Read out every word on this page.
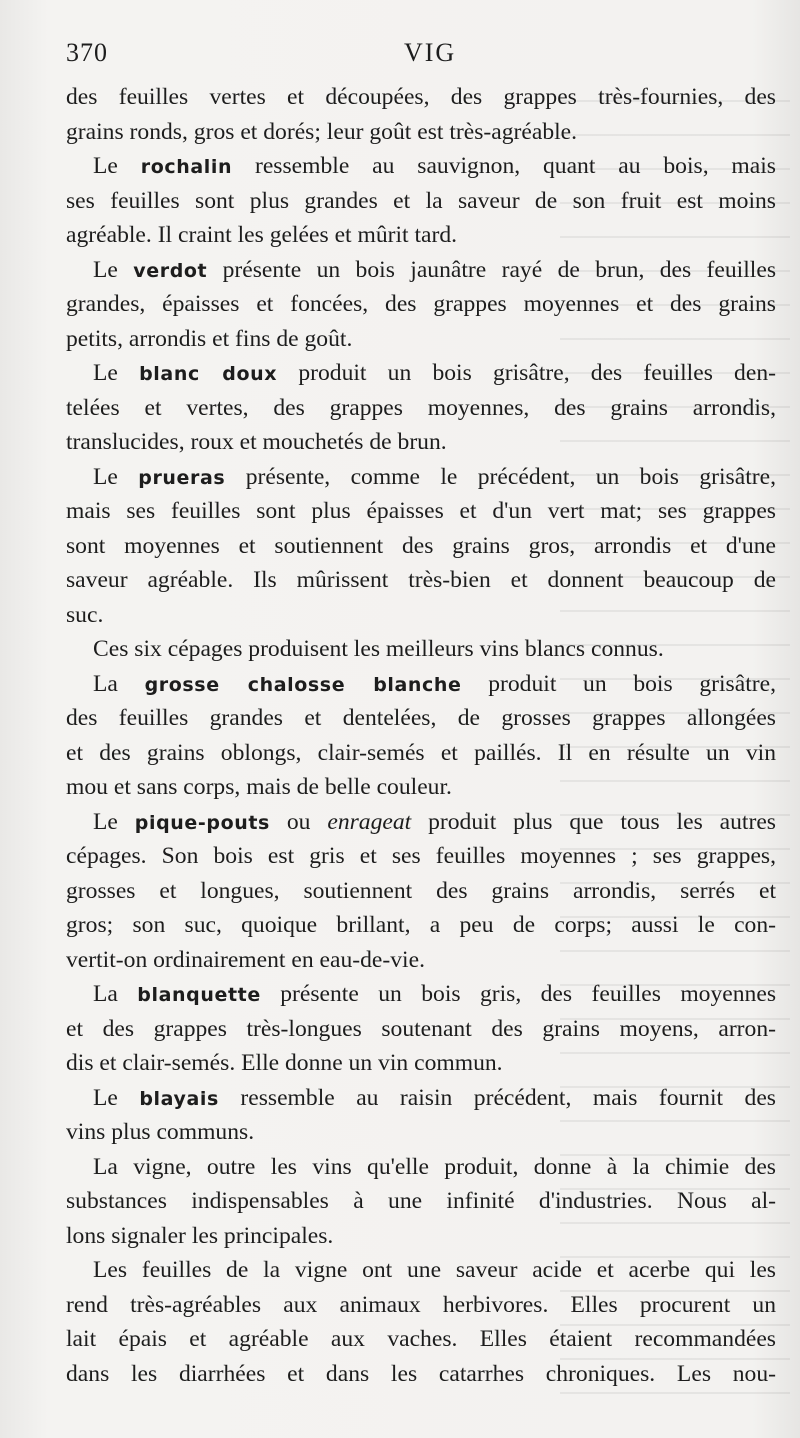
370	VIG
des feuilles vertes et découpées, des grappes très-fournies, des
grains ronds, gros et dorés; leur goût est très-agréable.
Le rochalin ressemble au sauvignon, quant au bois, mais
ses feuilles sont plus grandes et la saveur de son fruit est moins
agréable. Il craint les gelées et mûrit tard.
Le verdot présente un bois jaunâtre rayé de brun, des feuilles
grandes, épaisses et foncées, des grappes moyennes et des grains
petits, arrondis et fins de goût.
Le blanc doux produit un bois grisâtre, des feuilles den-
telées et vertes, des grappes moyennes, des grains arrondis,
translucides, roux et mouchetés de brun.
Le prueras présente, comme le précédent, un bois grisâtre,
mais ses feuilles sont plus épaisses et d'un vert mat; ses grappes
sont moyennes et soutiennent des grains gros, arrondis et d'une
saveur agréable. Ils mûrissent très-bien et donnent beaucoup de
suc.
Ces six cépages produisent les meilleurs vins blancs connus.
La grosse chalosse blanche produit un bois grisâtre,
des feuilles grandes et dentelées, de grosses grappes allongées
et des grains oblongs, clair-semés et paillés. Il en résulte un vin
mou et sans corps, mais de belle couleur.
Le pique-pouts ou enrageat produit plus que tous les autres
cépages. Son bois est gris et ses feuilles moyennes ; ses grappes,
grosses et longues, soutiennent des grains arrondis, serrés et
gros; son suc, quoique brillant, a peu de corps; aussi le con-
vertit-on ordinairement en eau-de-vie.
La blanquette présente un bois gris, des feuilles moyennes
et des grappes très-longues soutenant des grains moyens, arron-
dis et clair-semés. Elle donne un vin commun.
Le blayais ressemble au raisin précédent, mais fournit des
vins plus communs.
La vigne, outre les vins qu'elle produit, donne à la chimie des
substances indispensables à une infinité d'industries. Nous al-
lons signaler les principales.
Les feuilles de la vigne ont une saveur acide et acerbe qui les
rend très-agréables aux animaux herbivores. Elles procurent un
lait épais et agréable aux vaches. Elles étaient recommandées
dans les diarrhées et dans les catarrhes chroniques. Les nou-
